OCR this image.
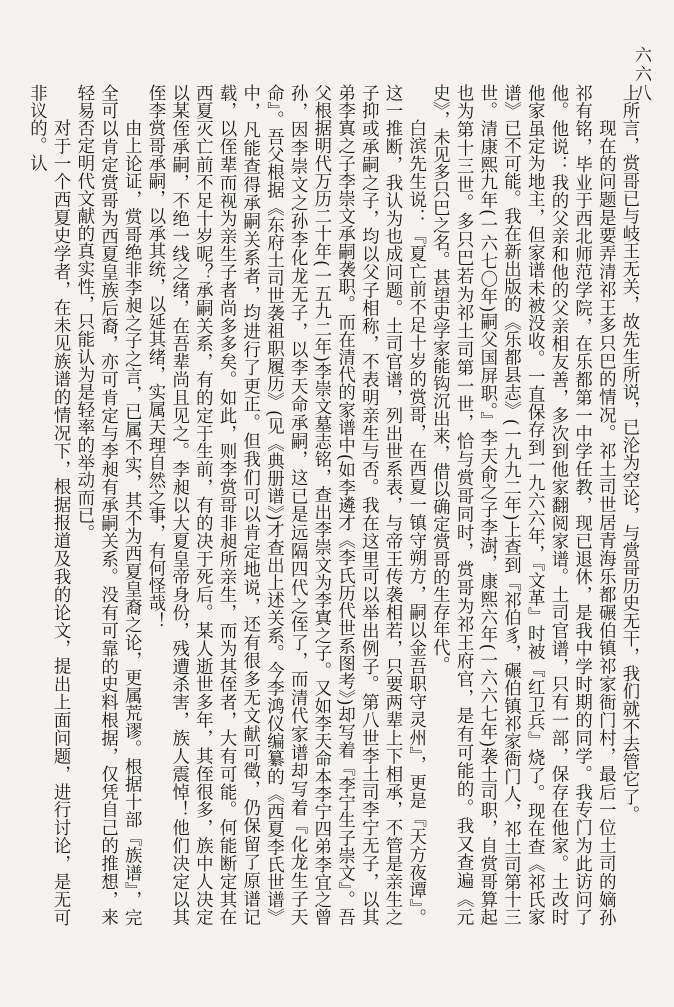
六六八

上所言，赏哥已与岐王无关，故先生所说，已沦为空论，与赏哥历史无干，我们就不去管它了。

现在的问题是要弄清祁王多只巴的情况。祁土司世居青海乐都碾伯镇祁家衙门村，最后一位土司的嫡孙祁有铭，毕业于西北师范学院，在乐都第一中学任教，现已退休，是我中学时期的同学。我专门为此访问了他。他说：我的父亲和他的父亲相友善，多次到他家翻阅家谱。土司官谱，只有一部，保存在他家。土改时他家虽定为地主，但家谱未被没收。一直保存到一九六六年，『文革』时被『红卫兵』烧了。现在查《祁氏家谱》已不可能。我在新出版的《乐都县志》(一九九二年)上查到『祁伯豸，碾伯镇祁家衙门人，祁土司第十三世。清康熙九年(一六七〇年)嗣父国屏职。』李天俞之子李澍，康熙六年(一六六七年)袭土司职，自赏哥算起也为第十三世。多只巴若为祁土司第一世，恰与赏哥同时，赏哥为祁王府官，是有可能的。我又查遍《元史》，未见多只巴之名。甚望史学家能钩沉出来，借以确定赏哥的生存年代。

白滨先生说：『夏亡前不足十岁的赏哥，在西夏一镇守朔方，嗣以金吾职守灵州』，更是『天方夜谭』。这一推断，我认为也成问题。土司官谱，列出世系表，与帝王传袭相若，只要两辈上下相承，不管是亲生之子抑或承嗣之子，均以父子相称，不表明亲生与否。我在这里可以举出例子。第八世李土司李宁无子，以其弟李寘之子李崇文承嗣袭职。而在清代的家谱中(如李遴才《李氏历代世系图考》)却写着『李宁生子崇文』。吾父根据明代万历二十年(一五九二年)李崇文墓志铭，查出李崇文为李寘之子。又如李天命本李宁四弟李宜之曾孙，因李崇文之孙李化龙无子，以李天命承嗣，这已是远隔四代之侄了，而清代家谱却写着『化龙生子天命』。吾父根据《东府土司世袭祖职履历》(见《典册谱》)才查出上述关系。今李鸿仪编纂的《西夏李氏世谱》中，凡能查得承嗣关系者，均进行了更正。但我们可以肯定地说，还有很多无文献可徵，仍保留了原谱记载，以侄辈而视为亲生子者尚多多矣。如此，则李赏哥非昶所亲生，而为其侄者，大有可能。何能断定其在西夏灭亡前不足十岁呢？承嗣关系，有的定于生前，有的决于死后。某人逝世多年，其侄很多，族中人决定以某侄承嗣，不绝一线之绪，在吾辈尚且见之。李昶以大夏皇帝身份，残遭杀害，族人震悼！他们决定以其侄李赏哥承嗣，以承其统，以延其绪，实属天理自然之事，有何怪哉！

由上论证，赏哥绝非李昶之子之言，已属不实，其不为西夏皇裔之论，更属荒谬。根据十部『族谱』，完全可以肯定赏哥为西夏皇族后裔，亦可肯定与李昶有承嗣关系。没有可靠的史料根据，仅凭自己的推想，来轻易否定明代文献的真实性，只能认为是轻率的举动而已。

对于一个西夏史学者，在未见族谱的情况下，根据报道及我的论文，提出上面问题，进行讨论，是无可非议的。认
